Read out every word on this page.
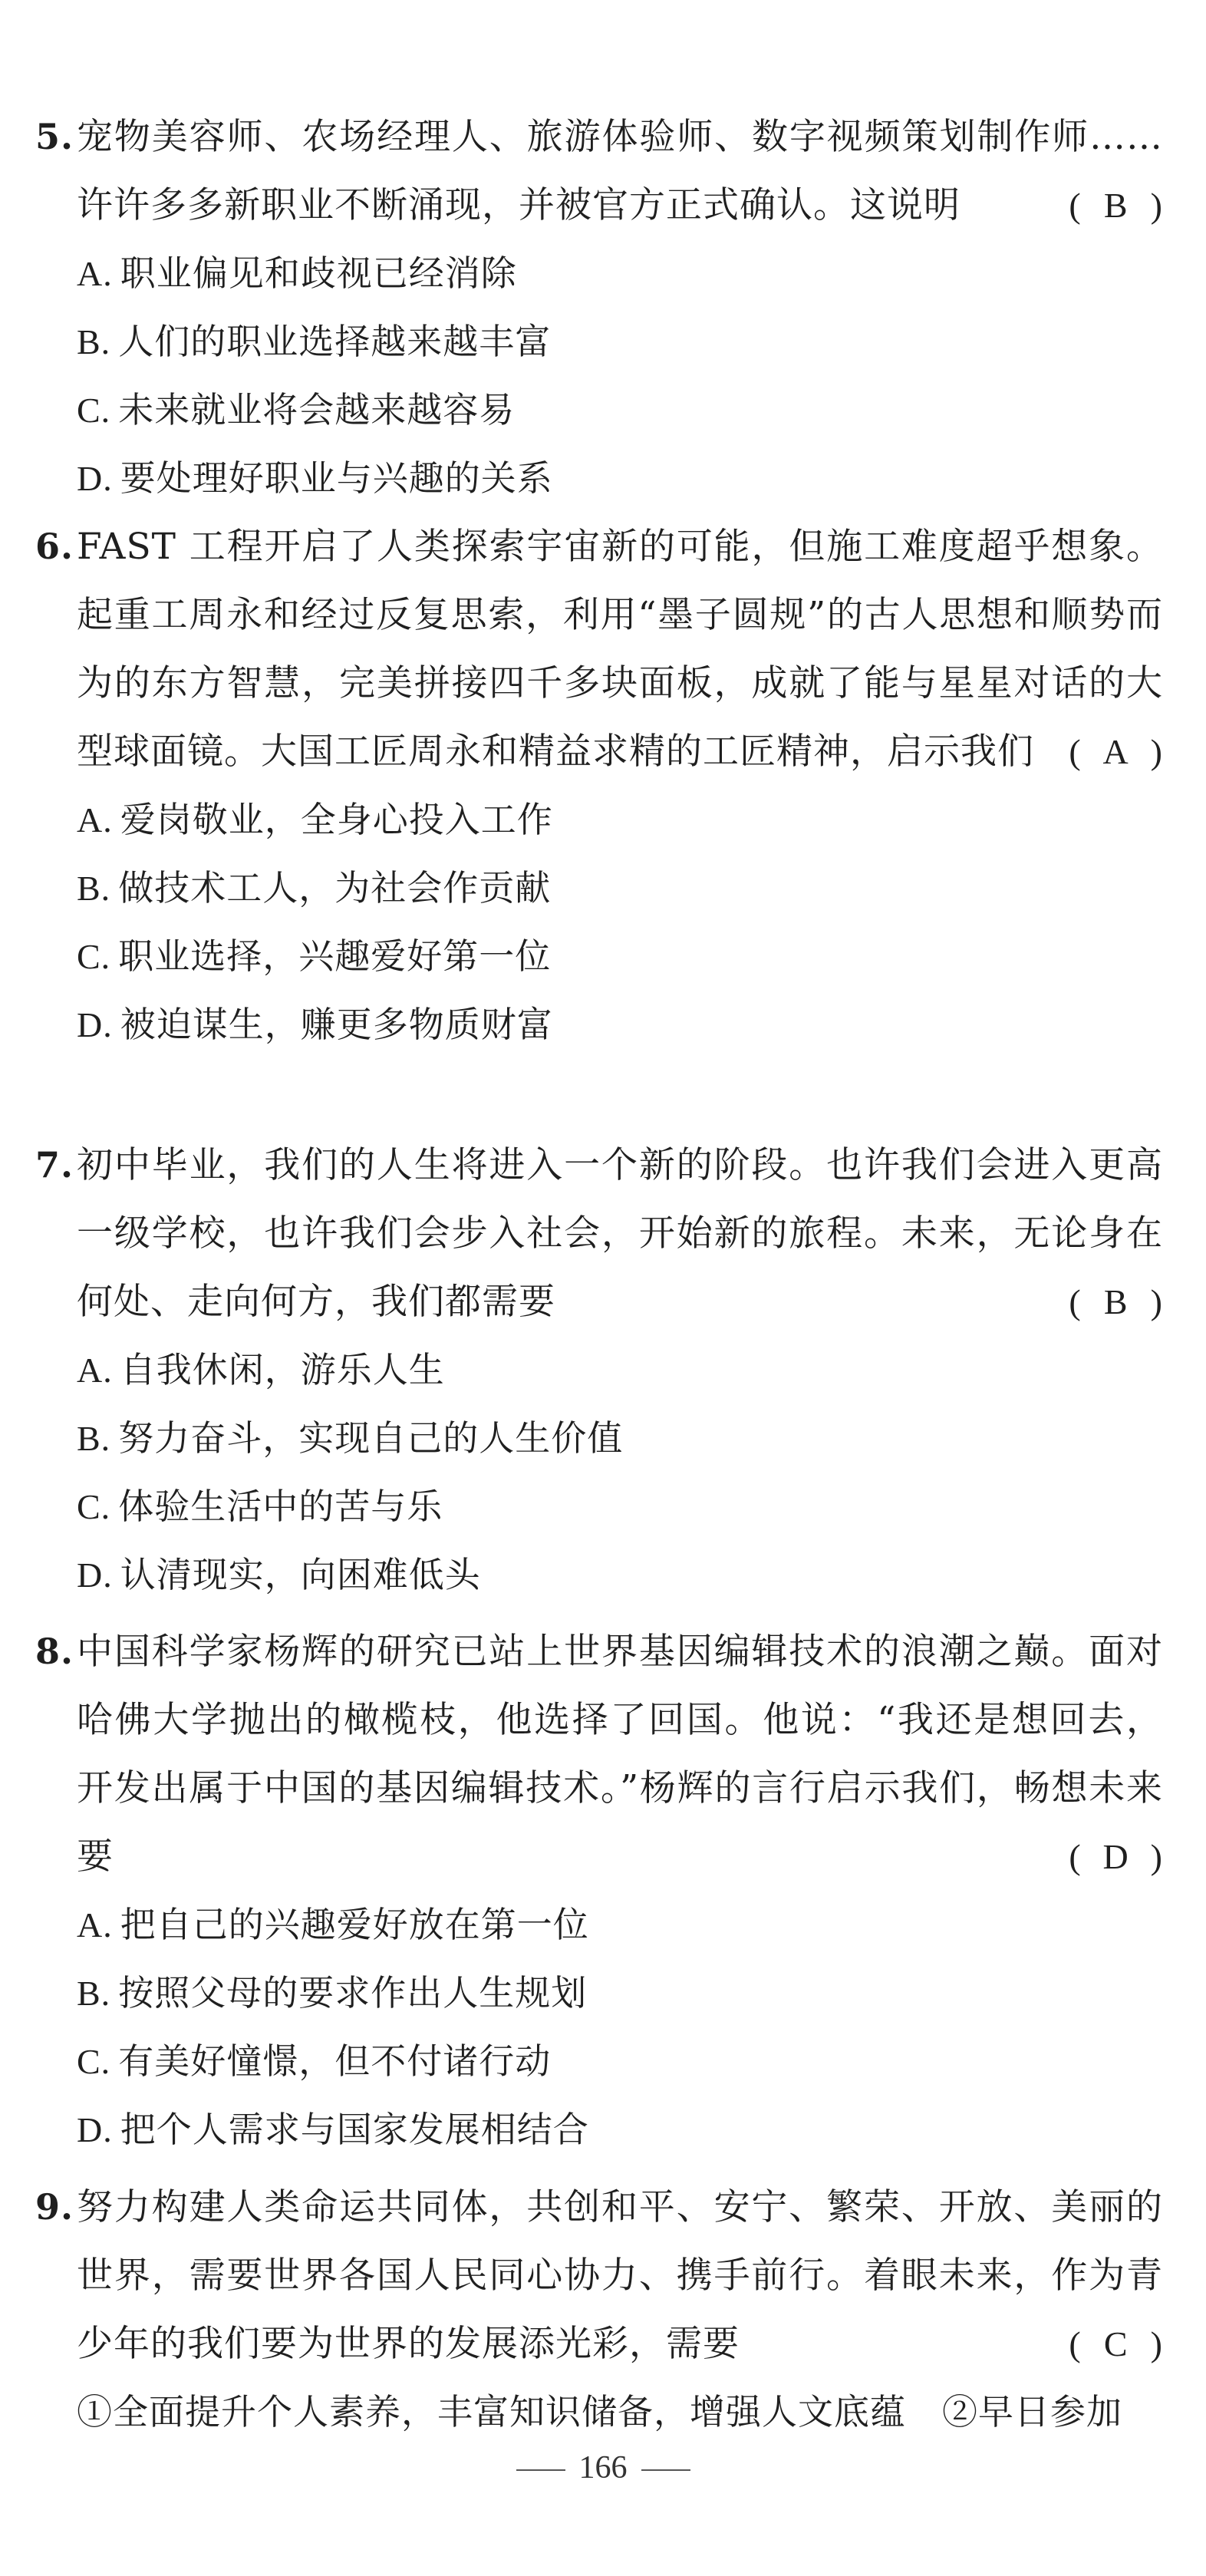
5. 宠物美容师、农场经理人、旅游体验师、数字视频策划制作师……许许多多新职业不断涌现，并被官方正式确认。这说明	( B )
A. 职业偏见和歧视已经消除
B. 人们的职业选择越来越丰富
C. 未来就业将会越来越容易
D. 要处理好职业与兴趣的关系
6. FAST 工程开启了人类探索宇宙新的可能，但施工难度超乎想象。起重工周永和经过反复思索，利用“墨子圆规”的古人思想和顺势而为的东方智慧，完美拼接四千多块面板，成就了能与星星对话的大型球面镜。大国工匠周永和精益求精的工匠精神，启示我们 ( A )
A. 爱岗敬业，全身心投入工作
B. 做技术工人，为社会作贡献
C. 职业选择，兴趣爱好第一位
D. 被迫谋生，赚更多物质财富
7. 初中毕业，我们的人生将进入一个新的阶段。也许我们会进入更高一级学校，也许我们会步入社会，开始新的旅程。未来，无论身在何处、走向何方，我们都需要	( B )
A. 自我休闲，游乐人生
B. 努力奋斗，实现自己的人生价值
C. 体验生活中的苦与乐
D. 认清现实，向困难低头
8. 中国科学家杨辉的研究已站上世界基因编辑技术的浪潮之巅。面对哈佛大学抛出的橄榄枝，他选择了回国。他说：“我还是想回去，开发出属于中国的基因编辑技术。”杨辉的言行启示我们，畅想未来要	( D )
A. 把自己的兴趣爱好放在第一位
B. 按照父母的要求作出人生规划
C. 有美好憧憬，但不付诸行动
D. 把个人需求与国家发展相结合
9. 努力构建人类命运共同体，共创和平、安宁、繁荣、开放、美丽的世界，需要世界各国人民同心协力、携手前行。着眼未来，作为青少年的我们要为世界的发展添光彩，需要	( C )
①全面提升个人素养，丰富知识储备，增强人文底蕴　②早日参加
166
